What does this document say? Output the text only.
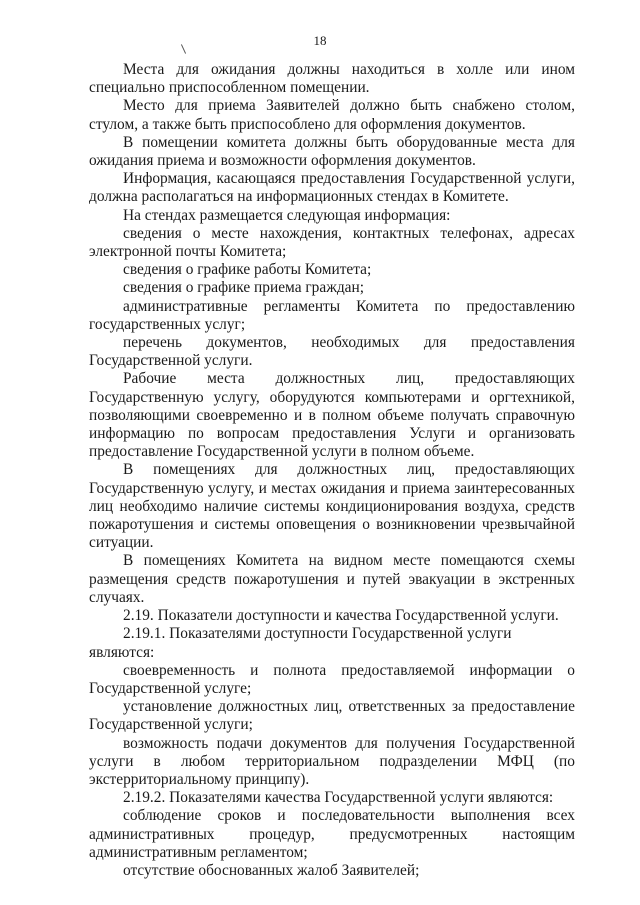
18

Места для ожидания должны находиться в холле или ином специально приспособленном помещении.

Место для приема Заявителей должно быть снабжено столом, стулом, а также быть приспособлено для оформления документов.

В помещении комитета должны быть оборудованные места для ожидания приема и возможности оформления документов.

Информация, касающаяся предоставления Государственной услуги, должна располагаться на информационных стендах в Комитете.

На стендах размещается следующая информация:

сведения о месте нахождения, контактных телефонах, адресах электронной почты Комитета;

сведения о графике работы Комитета;

сведения о графике приема граждан;

административные регламенты Комитета по предоставлению государственных услуг;

перечень документов, необходимых для предоставления Государственной услуги.

Рабочие места должностных лиц, предоставляющих Государственную услугу, оборудуются компьютерами и оргтехникой, позволяющими своевременно и в полном объеме получать справочную информацию по вопросам предоставления Услуги и организовать предоставление Государственной услуги в полном объеме.

В помещениях для должностных лиц, предоставляющих Государственную услугу, и местах ожидания и приема заинтересованных лиц необходимо наличие системы кондиционирования воздуха, средств пожаротушения и системы оповещения о возникновении чрезвычайной ситуации.

В помещениях Комитета на видном месте помещаются схемы размещения средств пожаротушения и путей эвакуации в экстренных случаях.

2.19. Показатели доступности и качества Государственной услуги.

2.19.1. Показателями доступности Государственной услуги являются:

своевременность и полнота предоставляемой информации о Государственной услуге;

установление должностных лиц, ответственных за предоставление Государственной услуги;

возможность подачи документов для получения Государственной услуги в любом территориальном подразделении МФЦ (по экстерриториальному принципу).

2.19.2. Показателями качества Государственной услуги являются:

соблюдение сроков и последовательности выполнения всех административных процедур, предусмотренных настоящим административным регламентом;

отсутствие обоснованных жалоб Заявителей;
